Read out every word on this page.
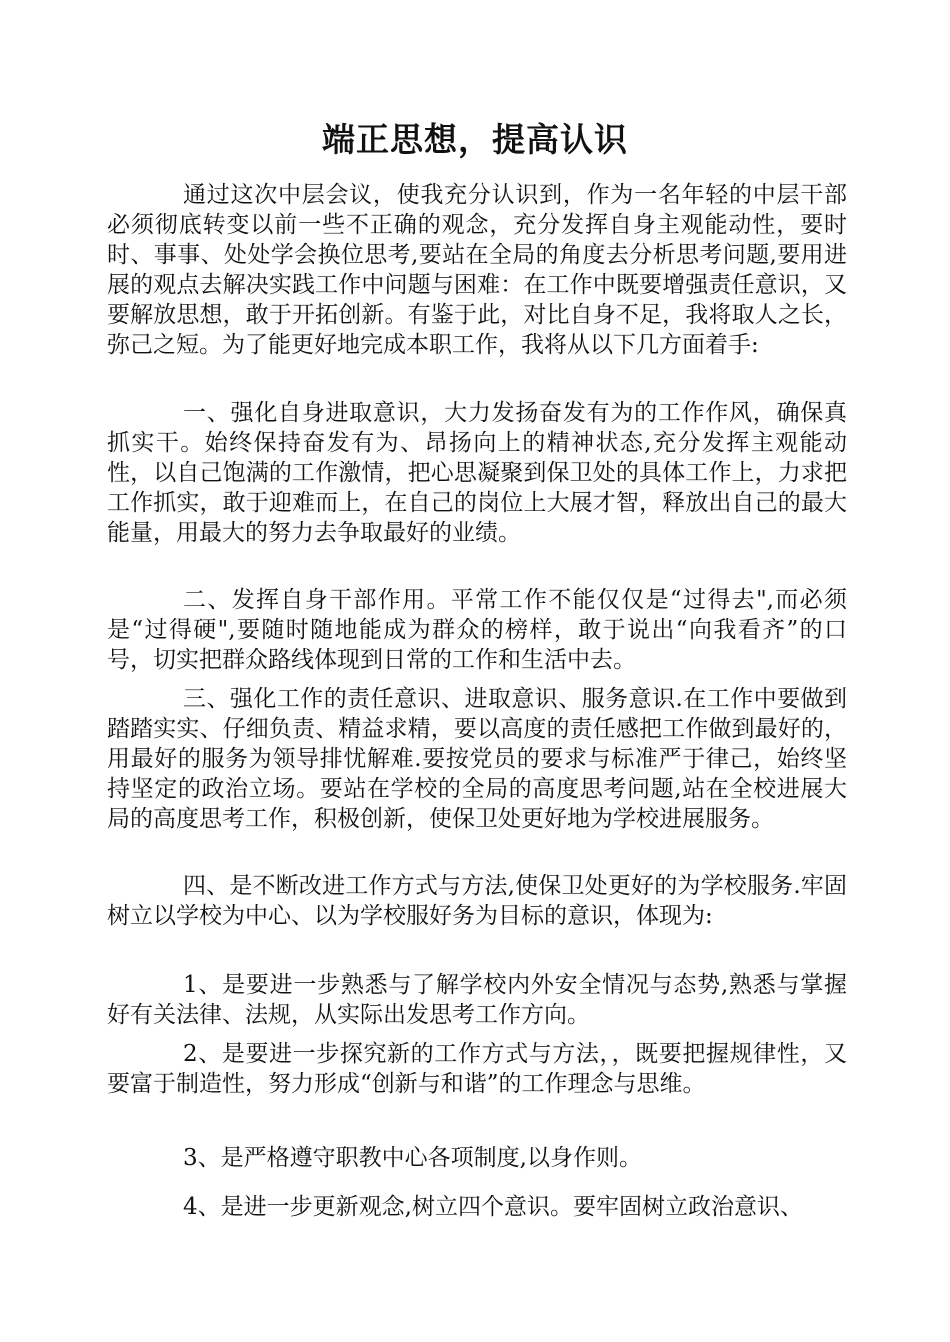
端正思想，提高认识

通过这次中层会议，使我充分认识到，作为一名年轻的中层干部必须彻底转变以前一些不正确的观念，充分发挥自身主观能动性，要时时、事事、处处学会换位思考,要站在全局的角度去分析思考问题,要用进展的观点去解决实践工作中问题与困难：在工作中既要增强责任意识，又要解放思想，敢于开拓创新。有鉴于此，对比自身不足，我将取人之长，弥己之短。为了能更好地完成本职工作，我将从以下几方面着手:

一、强化自身进取意识，大力发扬奋发有为的工作作风，确保真抓实干。始终保持奋发有为、昂扬向上的精神状态,充分发挥主观能动性，以自己饱满的工作激情，把心思凝聚到保卫处的具体工作上，力求把工作抓实，敢于迎难而上，在自己的岗位上大展才智，释放出自己的最大能量，用最大的努力去争取最好的业绩。

二、发挥自身干部作用。平常工作不能仅仅是“过得去",而必须是“过得硬",要随时随地能成为群众的榜样，敢于说出“向我看齐”的口号，切实把群众路线体现到日常的工作和生活中去。

三、强化工作的责任意识、进取意识、服务意识.在工作中要做到踏踏实实、仔细负责、精益求精，要以高度的责任感把工作做到最好的，用最好的服务为领导排忧解难.要按党员的要求与标准严于律己，始终坚持坚定的政治立场。要站在学校的全局的高度思考问题,站在全校进展大局的高度思考工作，积极创新，使保卫处更好地为学校进展服务。

四、是不断改进工作方式与方法,使保卫处更好的为学校服务.牢固树立以学校为中心、以为学校服好务为目标的意识，体现为:

1、是要进一步熟悉与了解学校内外安全情况与态势,熟悉与掌握好有关法律、法规，从实际出发思考工作方向。

2、是要进一步探究新的工作方式与方法，，既要把握规律性，又要富于制造性，努力形成“创新与和谐”的工作理念与思维。

3、是严格遵守职教中心各项制度,以身作则。

4、是进一步更新观念,树立四个意识。要牢固树立政治意识、
